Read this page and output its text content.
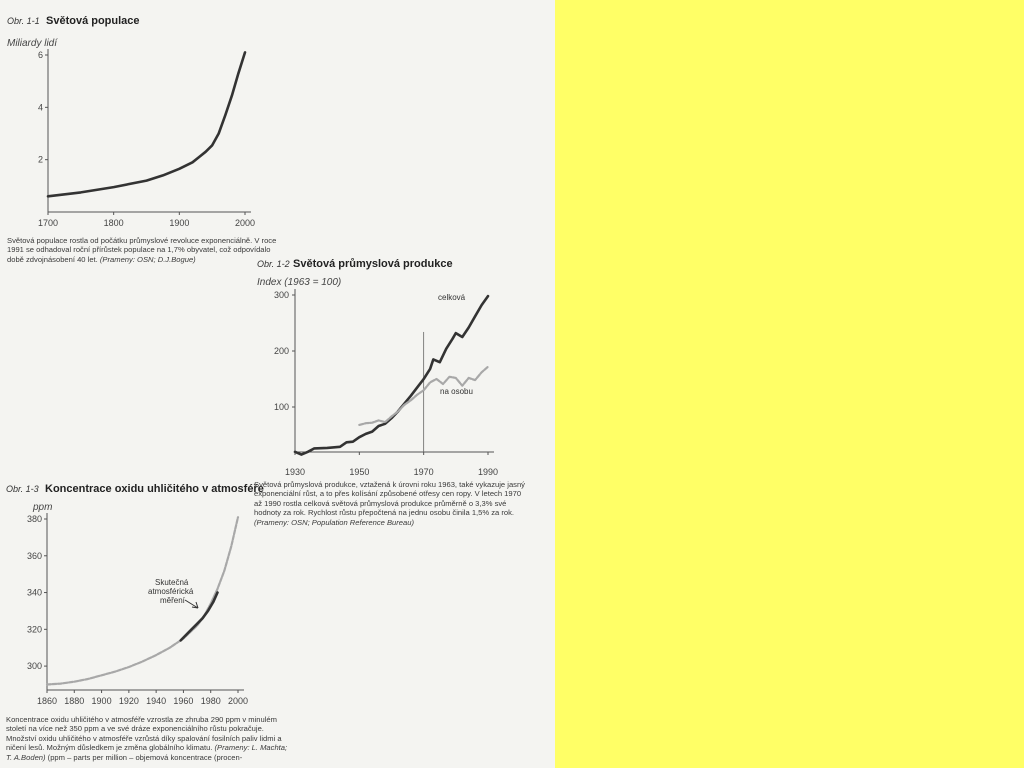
Obr. 1-1 Světová populace
Miliardy lidí
Obr. 1-2 Světová průmyslová produkce
Index (1963 = 100)
Obr. 1-3 Koncentrace oxidu uhličitého v atmosféře
ppm
celková
na osobu
Skutečná
atmosférická
měření
1700	1800	1900	2000
2
4
6
1930	1950	1970	1990
100
200
300
1860 1880 1900 1920 1940 1960 1980 2000
300
320
340
360
380

Světová populace rostla od počátku průmyslové revoluce exponenciálně. V roce 1991 se odhadoval roční přírůstek populace na 1,7% obyvatel, což odpovídalo době zdvojnásobení 40 let. (Prameny: OSN; D.J.Bogue)

Světová průmyslová produkce, vztažená k úrovni roku 1963, také vykazuje jasný exponenciální růst, a to přes kolísání způsobené otřesy cen ropy. V letech 1970 až 1990 rostla celková světová průmyslová produkce průměrně o 3,3% své hodnoty za rok. Rychlost růstu přepočtená na jednu osobu činila 1,5% za rok. (Prameny: OSN; Population Reference Bureau)

Koncentrace oxidu uhličitého v atmosféře vzrostla ze zhruba 290 ppm v minulém století na více než 350 ppm a ve své dráze exponenciálního růstu pokračuje. Množství oxidu uhličitého v atmosféře vzrůstá díky spalování fosilních paliv lidmi a ničení lesů. Možným důsledkem je změna globálního klimatu. (Prameny: L. Machta; T. A.Boden) (ppm – parts per million – objemová koncentrace (procen-
